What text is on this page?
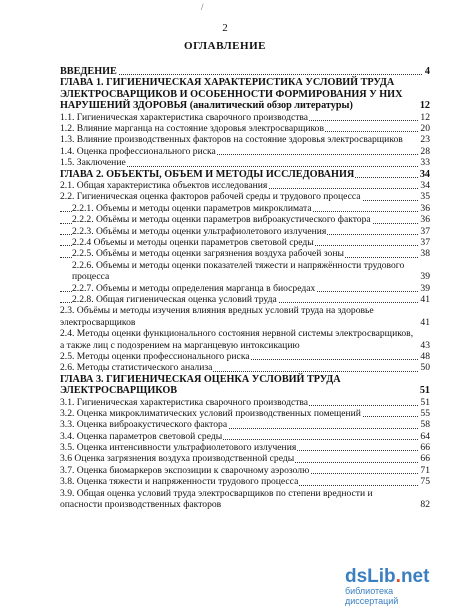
/
2
ОГЛАВЛЕНИЕ
ВВЕДЕНИЕ	4
ГЛАВА 1. ГИГИЕНИЧЕСКАЯ ХАРАКТЕРИСТИКА УСЛОВИЙ ТРУДА ЭЛЕКТРОСВАРЩИКОВ И ОСОБЕННОСТИ ФОРМИРОВАНИЯ У НИХ НАРУШЕНИЙ ЗДОРОВЬЯ (аналитический обзор литературы)	12
1.1. Гигиеническая характеристика сварочного производства	12
1.2. Влияние марганца на состояние здоровья электросварщиков	20
1.3. Влияние производственных факторов на состояние здоровья электросварщиков 23
1.4. Оценка профессионального риска	28
1.5. Заключение	33
ГЛАВА 2. ОБЪЕКТЫ, ОБЪЕМ И МЕТОДЫ ИССЛЕДОВАНИЯ	34
2.1. Общая характеристика объектов исследования	34
2.2. Гигиеническая оценка факторов рабочей среды и трудового процесса	35
2.2.1. Объемы и методы оценки параметров микроклимата	36
2.2.2. Объёмы и методы оценки параметров виброакустического фактора	36
2.2.3. Объёмы и методы оценки ультрафиолетового излучения	37
2.2.4 Объемы и методы оценки параметров световой среды	37
2.2.5. Объёмы и методы оценки загрязнения воздуха рабочей зоны	38
2.2.6. Объемы и методы оценки показателей тяжести и напряжённости трудового процесса	39
2.2.7. Объемы и методы определения марганца в биосредах	39
2.2.8. Общая гигиеническая оценка условий труда	41
2.3. Объёмы и методы изучения влияния вредных условий труда на здоровье электросварщиков	41
2.4. Методы оценки функционального состояния нервной системы электросварщиков, а также лиц с подозрением на марганцевую интоксикацию	43
2.5. Методы оценки профессионального риска	48
2.6. Методы статистического анализа	50
ГЛАВА 3. ГИГИЕНИЧЕСКАЯ ОЦЕНКА УСЛОВИЙ ТРУДА ЭЛЕКТРОСВАРЩИКОВ	51
3.1. Гигиеническая характеристика сварочного производства	51
3.2. Оценка микроклиматических условий производственных помещений	55
3.3. Оценка виброакустического фактора	58
3.4. Оценка параметров световой среды	64
3.5. Оценка интенсивности ультрафиолетового излучения	66
3.6 Оценка загрязнения воздуха производственной среды	66
3.7. Оценка биомаркеров экспозиции к сварочному аэрозолю	71
3.8. Оценка тяжести и напряженности трудового процесса	75
3.9. Общая оценка условий труда электросварщиков по степени вредности и опасности производственных факторов	82
dsLib.net
библиотека диссертаций
